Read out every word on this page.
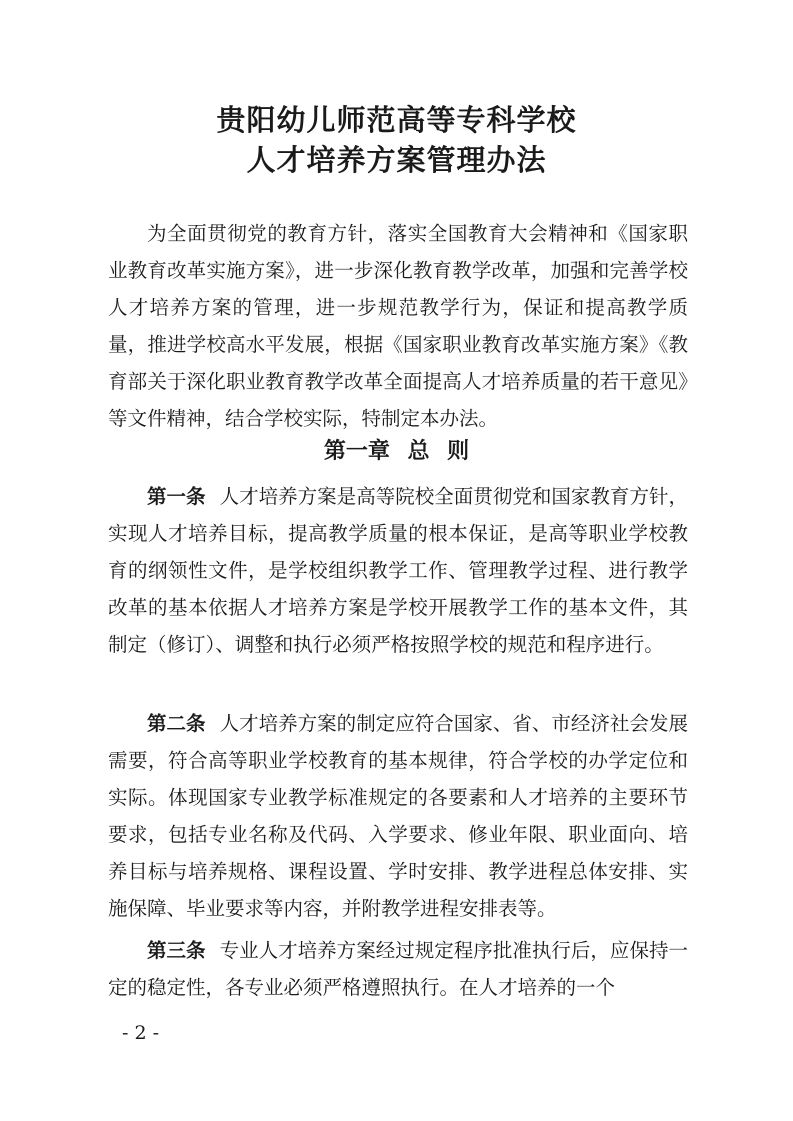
贵阳幼儿师范高等专科学校
人才培养方案管理办法

为全面贯彻党的教育方针，落实全国教育大会精神和《国家职业教育改革实施方案》，进一步深化教育教学改革，加强和完善学校人才培养方案的管理，进一步规范教学行为，保证和提高教学质量，推进学校高水平发展，根据《国家职业教育改革实施方案》《教育部关于深化职业教育教学改革全面提高人才培养质量的若干意见》等文件精神，结合学校实际，特制定本办法。

第一章 总 则

第一条 人才培养方案是高等院校全面贯彻党和国家教育方针，实现人才培养目标，提高教学质量的根本保证，是高等职业学校教育的纲领性文件，是学校组织教学工作、管理教学过程、进行教学改革的基本依据人才培养方案是学校开展教学工作的基本文件，其制定（修订）、调整和执行必须严格按照学校的规范和程序进行。

第二条 人才培养方案的制定应符合国家、省、市经济社会发展需要，符合高等职业学校教育的基本规律，符合学校的办学定位和实际。体现国家专业教学标准规定的各要素和人才培养的主要环节要求，包括专业名称及代码、入学要求、修业年限、职业面向、培养目标与培养规格、课程设置、学时安排、教学进程总体安排、实施保障、毕业要求等内容，并附教学进程安排表等。

第三条 专业人才培养方案经过规定程序批准执行后，应保持一定的稳定性，各专业必须严格遵照执行。在人才培养的一个

- 2 -
